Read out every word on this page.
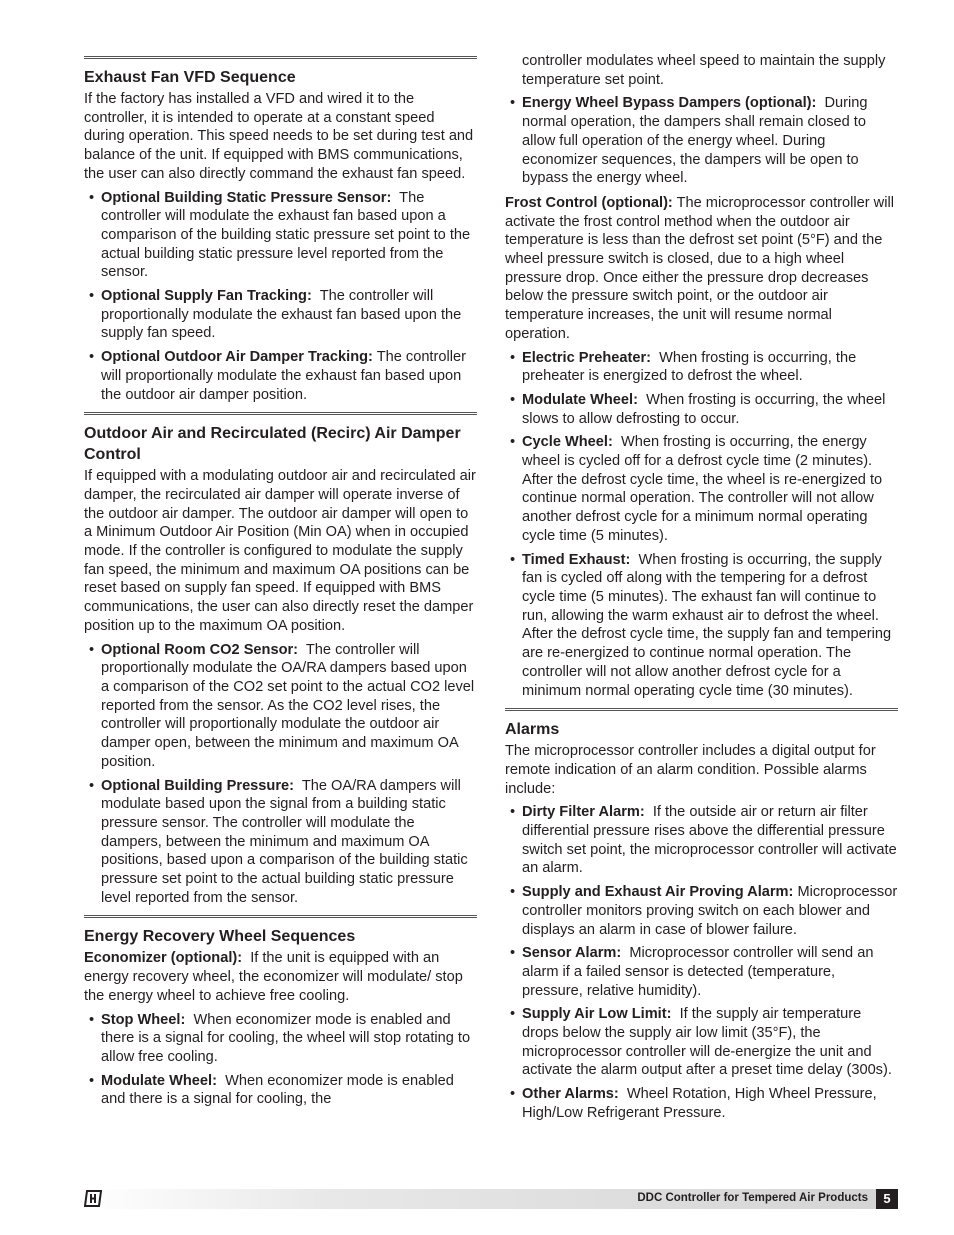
Exhaust Fan VFD Sequence

If the factory has installed a VFD and wired it to the controller, it is intended to operate at a constant speed during operation. This speed needs to be set during test and balance of the unit. If equipped with BMS communications, the user can also directly command the exhaust fan speed.

• Optional Building Static Pressure Sensor: The controller will modulate the exhaust fan based upon a comparison of the building static pressure set point to the actual building static pressure level reported from the sensor.
• Optional Supply Fan Tracking: The controller will proportionally modulate the exhaust fan based upon the supply fan speed.
• Optional Outdoor Air Damper Tracking: The controller will proportionally modulate the exhaust fan based upon the outdoor air damper position.
Outdoor Air and Recirculated (Recirc) Air Damper Control

If equipped with a modulating outdoor air and recirculated air damper, the recirculated air damper will operate inverse of the outdoor air damper. The outdoor air damper will open to a Minimum Outdoor Air Position (Min OA) when in occupied mode. If the controller is configured to modulate the supply fan speed, the minimum and maximum OA positions can be reset based on supply fan speed. If equipped with BMS communications, the user can also directly reset the damper position up to the maximum OA position.

• Optional Room CO2 Sensor: The controller will proportionally modulate the OA/RA dampers based upon a comparison of the CO2 set point to the actual CO2 level reported from the sensor. As the CO2 level rises, the controller will proportionally modulate the outdoor air damper open, between the minimum and maximum OA position.
• Optional Building Pressure: The OA/RA dampers will modulate based upon the signal from a building static pressure sensor. The controller will modulate the dampers, between the minimum and maximum OA positions, based upon a comparison of the building static pressure set point to the actual building static pressure level reported from the sensor.
Energy Recovery Wheel Sequences

Economizer (optional): If the unit is equipped with an energy recovery wheel, the economizer will modulate/ stop the energy wheel to achieve free cooling.

• Stop Wheel: When economizer mode is enabled and there is a signal for cooling, the wheel will stop rotating to allow free cooling.
• Modulate Wheel: When economizer mode is enabled and there is a signal for cooling, the
• controller modulates wheel speed to maintain the supply temperature set point.
• Energy Wheel Bypass Dampers (optional): During normal operation, the dampers shall remain closed to allow full operation of the energy wheel. During economizer sequences, the dampers will be open to bypass the energy wheel.

Frost Control (optional): The microprocessor controller will activate the frost control method when the outdoor air temperature is less than the defrost set point (5°F) and the wheel pressure switch is closed, due to a high wheel pressure drop. Once either the pressure drop decreases below the pressure switch point, or the outdoor air temperature increases, the unit will resume normal operation.

• Electric Preheater: When frosting is occurring, the preheater is energized to defrost the wheel.
• Modulate Wheel: When frosting is occurring, the wheel slows to allow defrosting to occur.
• Cycle Wheel: When frosting is occurring, the energy wheel is cycled off for a defrost cycle time (2 minutes). After the defrost cycle time, the wheel is re-energized to continue normal operation. The controller will not allow another defrost cycle for a minimum normal operating cycle time (5 minutes).
• Timed Exhaust: When frosting is occurring, the supply fan is cycled off along with the tempering for a defrost cycle time (5 minutes). The exhaust fan will continue to run, allowing the warm exhaust air to defrost the wheel. After the defrost cycle time, the supply fan and tempering are re-energized to continue normal operation. The controller will not allow another defrost cycle for a minimum normal operating cycle time (30 minutes).
Alarms

The microprocessor controller includes a digital output for remote indication of an alarm condition. Possible alarms include:

• Dirty Filter Alarm: If the outside air or return air filter differential pressure rises above the differential pressure switch set point, the microprocessor controller will activate an alarm.
• Supply and Exhaust Air Proving Alarm: Microprocessor controller monitors proving switch on each blower and displays an alarm in case of blower failure.
• Sensor Alarm: Microprocessor controller will send an alarm if a failed sensor is detected (temperature, pressure, relative humidity).
• Supply Air Low Limit: If the supply air temperature drops below the supply air low limit (35°F), the microprocessor controller will de-energize the unit and activate the alarm output after a preset time delay (300s).
• Other Alarms: Wheel Rotation, High Wheel Pressure, High/Low Refrigerant Pressure.
DDC Controller for Tempered Air Products	5
